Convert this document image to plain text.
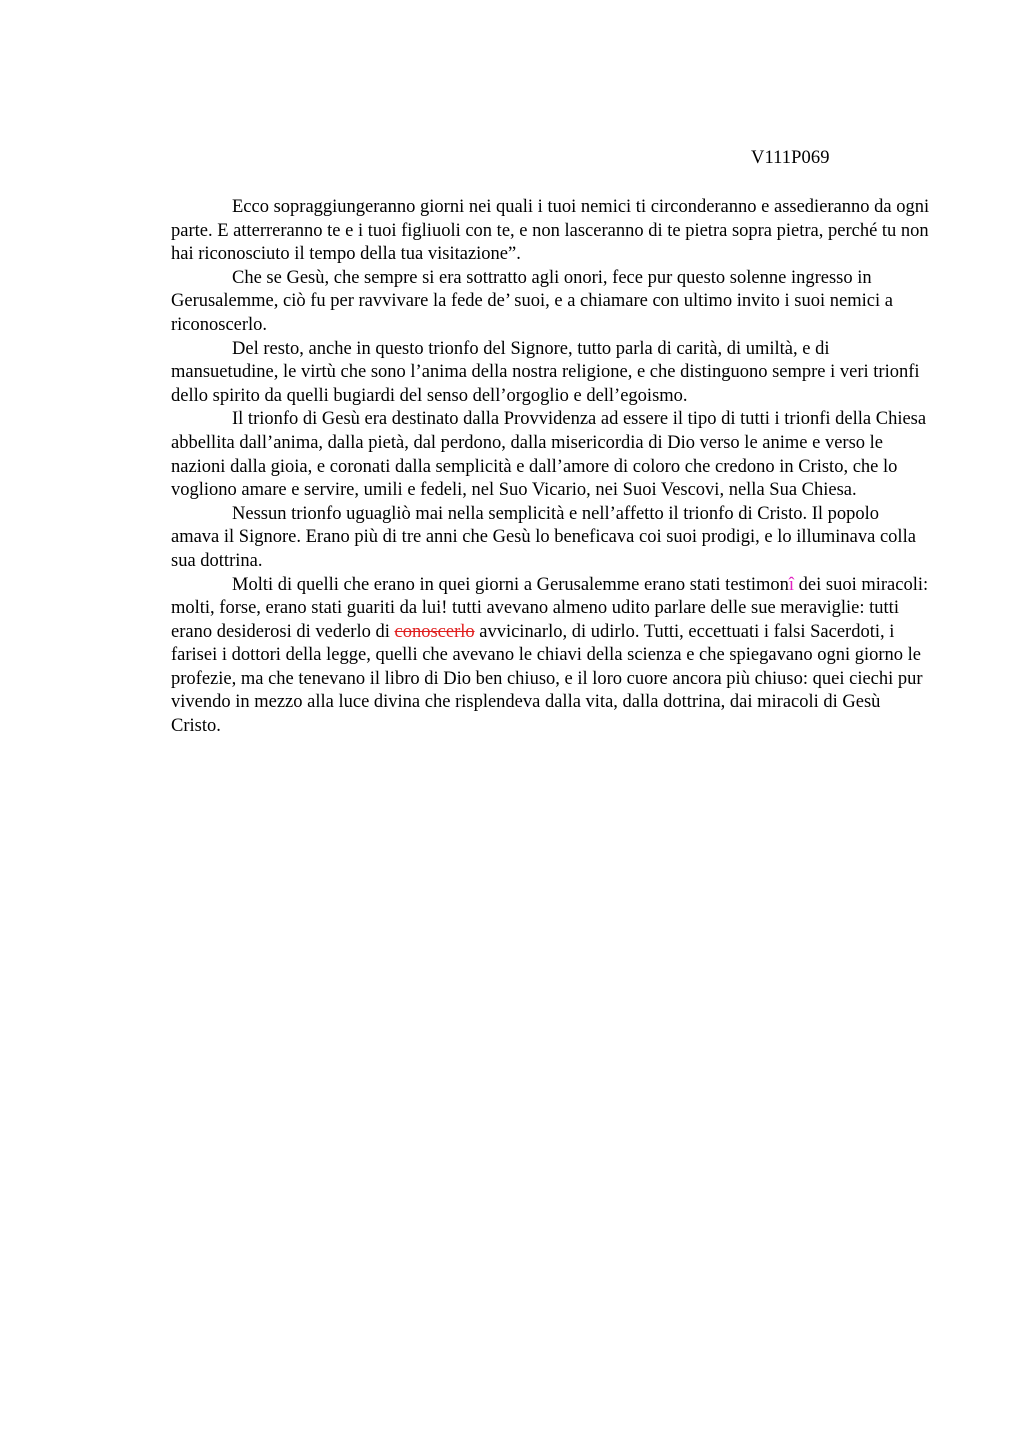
V111P069

Ecco sopraggiungeranno giorni nei quali i tuoi nemici ti circonderanno e assedieranno da ogni parte. E atterreranno te e i tuoi figliuoli con te, e non lasceranno di te pietra sopra pietra, perché tu non hai riconosciuto il tempo della tua visitazione”.

Che se Gesù, che sempre si era sottratto agli onori, fece pur questo solenne ingresso in Gerusalemme, ciò fu per ravvivare la fede de’ suoi, e a chiamare con ultimo invito i suoi nemici a riconoscerlo.

Del resto, anche in questo trionfo del Signore, tutto parla di carità, di umiltà, e di mansuetudine, le virtù che sono l’anima della nostra religione, e che distinguono sempre i veri trionfi dello spirito da quelli bugiardi del senso dell’orgoglio e dell’egoismo.

Il trionfo di Gesù era destinato dalla Provvidenza ad essere il tipo di tutti i trionfi della Chiesa abbellita dall’anima, dalla pietà, dal perdono, dalla misericordia di Dio verso le anime e verso le nazioni dalla gioia, e coronati dalla semplicità e dall’amore di coloro che credono in Cristo, che lo vogliono amare e servire, umili e fedeli, nel Suo Vicario, nei Suoi Vescovi, nella Sua Chiesa.

Nessun trionfo uguagliò mai nella semplicità e nell’affetto il trionfo di Cristo. Il popolo amava il Signore. Erano più di tre anni che Gesù lo beneficava coi suoi prodigi, e lo illuminava colla sua dottrina.

Molti di quelli che erano in quei giorni a Gerusalemme erano stati testimonî dei suoi miracoli: molti, forse, erano stati guariti da lui! tutti avevano almeno udito parlare delle sue meraviglie: tutti erano desiderosi di vederlo di conoscerlo avvicinarlo, di udirlo. Tutti, eccettuati i falsi Sacerdoti, i farisei i dottori della legge, quelli che avevano le chiavi della scienza e che spiegavano ogni giorno le profezie, ma che tenevano il libro di Dio ben chiuso, e il loro cuore ancora più chiuso: quei ciechi pur vivendo in mezzo alla luce divina che risplendeva dalla vita, dalla dottrina, dai miracoli di Gesù Cristo.
